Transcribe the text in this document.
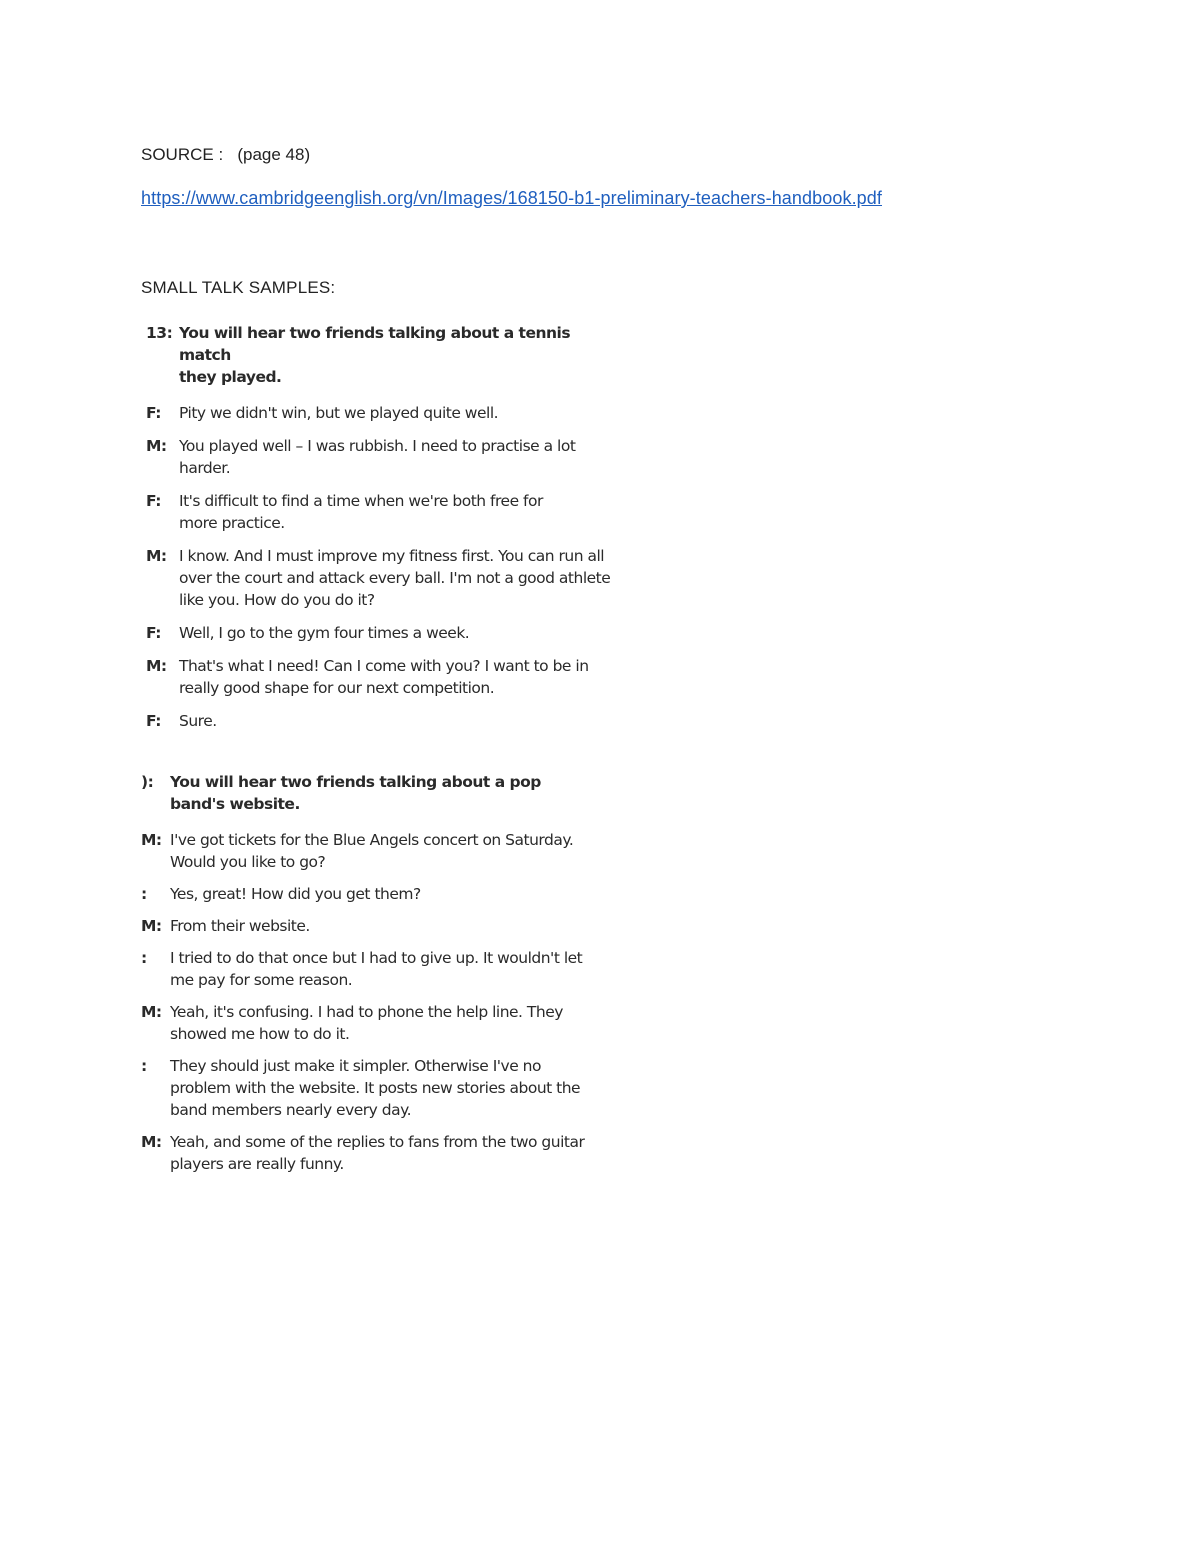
SOURCE : (page 48)
https://www.cambridgeenglish.org/vn/Images/168150-b1-preliminary-teachers-handbook.pdf
SMALL TALK SAMPLES:
13: You will hear two friends talking about a tennis match
they played.
F:	Pity we didn't win, but we played quite well.
M: You played well – I was rubbish. I need to practise a lot harder.
F:	It's difficult to find a time when we're both free for
more practice.
M: I know. And I must improve my fitness first. You can run all
over the court and attack every ball. I'm not a good athlete
like you. How do you do it?
F:	Well, I go to the gym four times a week.
M: That's what I need! Can I come with you? I want to be in
really good shape for our next competition.
F:	Sure.
):	You will hear two friends talking about a pop
band's website.
M: I've got tickets for the Blue Angels concert on Saturday.
Would you like to go?
:	Yes, great! How did you get them?
M: From their website.
:	I tried to do that once but I had to give up. It wouldn't let
me pay for some reason.
M: Yeah, it's confusing. I had to phone the help line. They
showed me how to do it.
:	They should just make it simpler. Otherwise I've no
problem with the website. It posts new stories about the
band members nearly every day.
M: Yeah, and some of the replies to fans from the two guitar
players are really funny.
